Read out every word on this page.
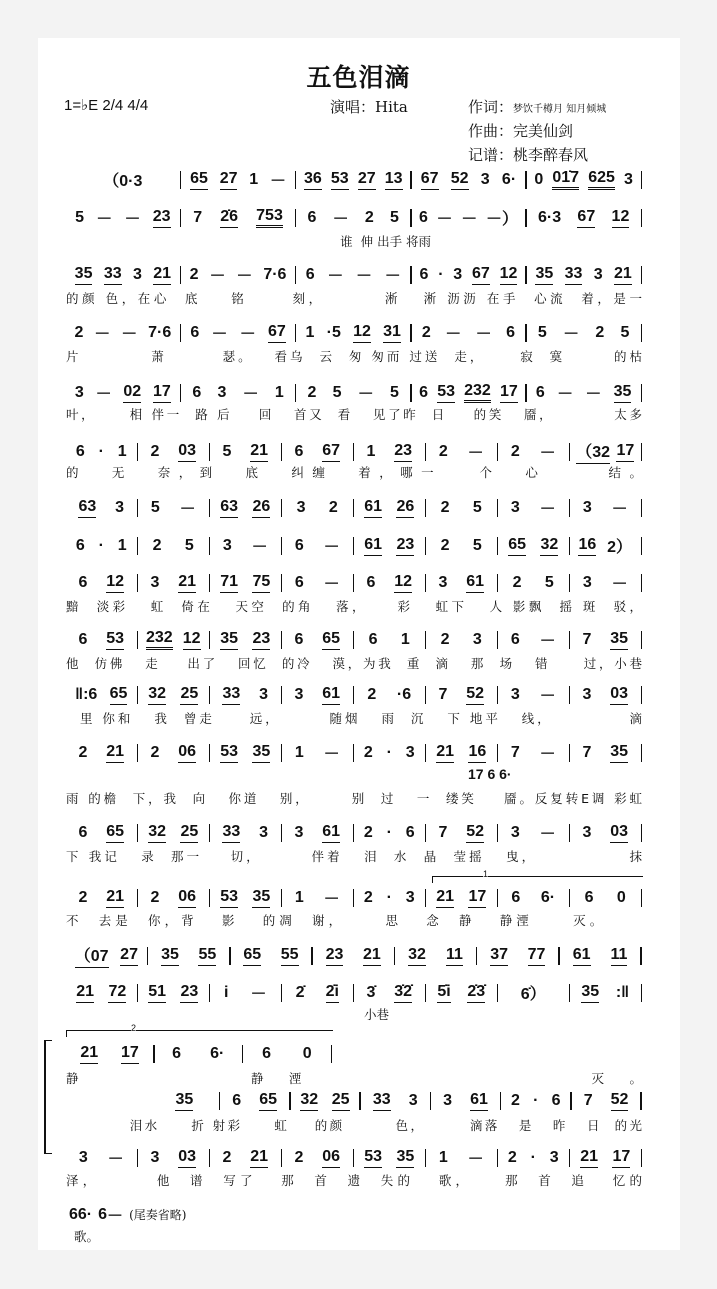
五色泪滴
1=♭E 2/4 4/4	演唱：Hita	作词：梦饮千樽月 知月倾城
作曲：完美仙剑
记谱：桃李醉春风
（0·3	65 27 1 － 36 53 27 13 67 52 3 6· 0 01̇7 625 3
5 － － 23 7 2̇6 753 6 － 2 5 6 － － －） 6·3 67 12
谁  伸 出手 将雨
35 33 3 21 2 － － 7·6 6 － － － 6 · 3 67 12 35 33 3 21
的颜 色，在心  底    铭      刻，        淅   淅 沥沥 在手  心流  着，是一
2 － － 7·6 6 － － 67 1 ·5 12 31 2 － － 6 5 － 2 5
片          萧        瑟。   看乌  云  匆 匆而 过送  走，     寂  寞       的枯
3 － 02 17 6 3 － 1 2 5 － 5 6 53 232 17 6 － － 35
叶，     相 伴一  路 后    回   首又  看   见了昨  日    的笑   靥，         太多
6 · 1 2 03 5 21 6 67 1 23 2 － 2 － （32 17
的  无  奈，到  底  纠缠  着，哪一   个  心     结。
63 3 5 － 63 26 3 2 61 26 2 5 3 － 3 －
6 · 1 2 5 3 － 6 － 61 23 2 5 65 32 16 2）
6 12 3 21 71 75 6 － 6 12 3 61 2 5 3 －
黯  淡彩   虹  倚在   天空  的角   落，    彩   虹下   人 影飘  摇 斑  驳，
6 53 232 12 35 23 6 65 6 1 2 3 6 － 7 35
他  仿佛   走    出了   回忆  的冷   漠，为我  重  滴   那  场   错     过，小巷
‖:6 65 32 25 33 3 3 61 2 ·6 7 52 3 － 3 03
里 你和   我  曾走     远，       随烟   雨  沉   下 地平   线，           滴
2 21 2 06 53 35 1 － 2 · 3 21 16 7 － 7 35
雨 的檐  下，我  向   你道   别，      别  过   一  缕笑    靥。反复转E调 彩虹
6 65 32 25 33 3 3 61 2 · 6 7 52 3 － 3 03
下 我记   录  那一    切，       伴着   泪  水  晶  莹摇   曳，             抹
2 21 2 06 53 35 1 － 2 · 3 21 17 6 6· 6 0
不  去是  你，背   影   的凋  谢，     思   念  静   静湮     灭。
（07 27 35 55 65 55 23 21 32 11 37 77 61 11
21 72 51 23 i － 2̇ 2̇i 3̇ 3̇2̇ 5̇i 2̇3̇ 6̇） 35 :‖
小巷
21 17 6 6· 6 0
静     静湮         灭。
35 6 65 32 25 33 3 3 61 2 · 6 7 52
泪水     折 射彩     虹    的颜        色，       滴落   是   昨   日  的光
3 － 3 03 2 21 2 06 53 35 1 － 2 · 3 21 17
泽，       他  谱  写了   那  首  遗  失的   歌，    那  首  追   忆的
6 6· 6 － (尾奏省略)
歌。
17 6 6·
1
2
